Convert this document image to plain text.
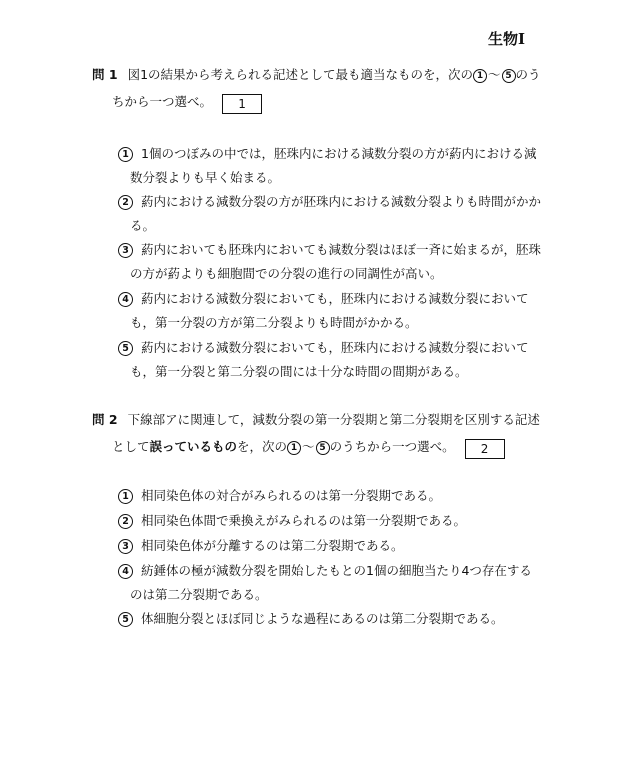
生物Ⅰ
問 1 図1の結果から考えられる記述として最も適当なものを，次の 1 ～ 5 のう
ちから一つ選べ。 1
1 1個のつぼみの中では，胚珠内における減数分裂の方が葯内における減
数分裂よりも早く始まる。
2 葯内における減数分裂の方が胚珠内における減数分裂よりも時間がかか
る。
3 葯内においても胚珠内においても減数分裂はほぼ一斉に始まるが，胚珠
の方が葯よりも細胞間での分裂の進行の同調性が高い。
4 葯内における減数分裂においても，胚珠内における減数分裂において
も，第一分裂の方が第二分裂よりも時間がかかる。
5 葯内における減数分裂においても，胚珠内における減数分裂において
も，第一分裂と第二分裂の間には十分な時間の間期がある。
問 2 下線部アに関連して，減数分裂の第一分裂期と第二分裂期を区別する記述
として誤っているものを，次の 1 ～ 5 のうちから一つ選べ。 2
1 相同染色体の対合がみられるのは第一分裂期である。
2 相同染色体間で乗換えがみられるのは第一分裂期である。
3 相同染色体が分離するのは第二分裂期である。
4 紡錘体の極が減数分裂を開始したもとの1個の細胞当たり4つ存在する
のは第二分裂期である。
5 体細胞分裂とほぼ同じような過程にあるのは第二分裂期である。
